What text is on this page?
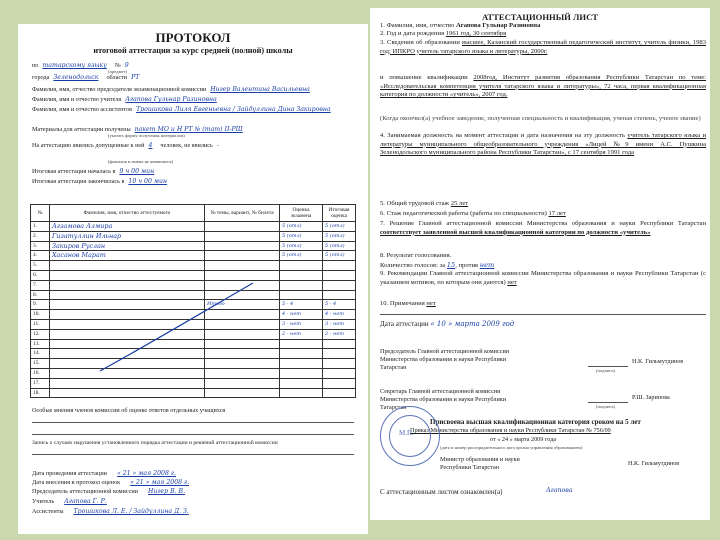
ПРОТОКОЛ
итоговой аттестации за курс средней (полной) школы
по татарскому языку № 9
(предмет)
города Зеленодольск области РТ
Фамилия, имя, отчество председателя экзаменационной комиссии Нигер Валентина Васильевна
Фамилия, имя и отчество учителя Агапова Гульнар Разиновна
Фамилия, имя и отчество ассистентов Трошикова Лиля Евгеньевна / Зайдуллина Дина Закировна
Материалы для аттестации получены пакет МО и Н РТ № (тат) II-РШ
(указать форму получения материалов)
На аттестацию явились допущенные к ней 4 человек, не явились -
(фамилия и имена не явившихся)
Итоговая аттестация началась в 9 ч 00 мин
Итоговая аттестация закончилась в 10 ч 00 мин
№	Фамилия, имя, отчество аттестуемого	№ темы, вариант, № билета	Оценка экзамена	Итоговая оценка
1.	Агзамова Алмира		5 (отл)	5 (отл)
2.	Гизатуллин Ильнар		5 (отл)	5 (отл)
3.	Закиров Руслан		5 (отл)	5 (отл)
4.	Хасанов Марат		5 (отл)	5 (отл)
5.				
6.				
7.				
8.				
9.		Итого	5 - 4	5 - 4
10.			4 - нет	4 - нет
11.			3 - нет	3 - нет
12.			2 - нет	2 - нет
13.				
14.				
15.				
16.				
17.				
18.				
Особые мнения членов комиссии об оценке ответов отдельных учащихся
Запись о случаях нарушения установленного порядка аттестации и решений аттестационной комиссии
Дата проведения аттестации « 21 » мая 2008 г.
Дата внесения в протокол оценок « 21 » мая 2008 г.
Председатель аттестационной комиссии Нигер В. В.
Учитель Агапова Г. Р.
Ассистенты Трошикова Л. Е. / Зайдуллина Д. З.
АТТЕСТАЦИОННЫЙ ЛИСТ
1. Фамилия, имя, отчество Агапова Гульнар Разиновна
2. Год и дата рождения 1961 год, 30 сентября
3. Сведения об образовании высшее, Казанский государственный педагогический институт, учитель физики, 1983 год; ИПКРО учитель татарского языка и литературы, 2000г.
и повышение квалификации 2008год, Институт развития образования Республики Татарстан по теме: «Исследовательская компетенция учителя татарского языка и литературы», 72 часа, первая квалификационная категория по должности «учитель», 2007 год.
(Когда окончил(а) учебное заведение, полученная специальность и квалификация, ученая степень, ученое звание)
4. Занимаемая должность на момент аттестации и дата назначения на эту должность учитель татарского языка и литературы муниципального общеобразовательного учреждения «Лицей №9 имени А.С. Пушкина Зеленодольского муниципального района Республики Татарстан», с 17 сентября 1991 года
5. Общий трудовой стаж 25 лет
6. Стаж педагогической работы (работы по специальности) 17 лет
7. Решение Главной аттестационной комиссии Министерства образования и науки Республики Татарстан соответствует заявленной высшей квалификационной категории по должности «учитель»
8. Результат голосования.
Количество голосов: за 15, против нет
9. Рекомендации Главной аттестационной комиссии Министерства образования и науки Республики Татарстан (с указанием мотивов, по которым они даются) нет
10. Примечания нет
Дата аттестации « 10 » марта 2009 год
Председатель Главной аттестационной комиссии Министерства образования и науки Республики Татарстан	(подпись)
Н.К. Гильмутдинов
Секретарь Главной аттестационной комиссии Министерства образования и науки Республики Татарстан	(подпись)
Р.Ш. Зарипова
Присвоена высшая квалификационная категория сроком на 5 лет
Приказ Министерства образования и науки Республики Татарстан № 756/09
от « 24 » марта 2009 года
(дата и номер распорядительного акта органа управления образованием)
Министр образования и науки Республики Татарстан
Н.К. Гильмутдинов
М.П.
С аттестационным листом ознакомлен(а)	Агапова
